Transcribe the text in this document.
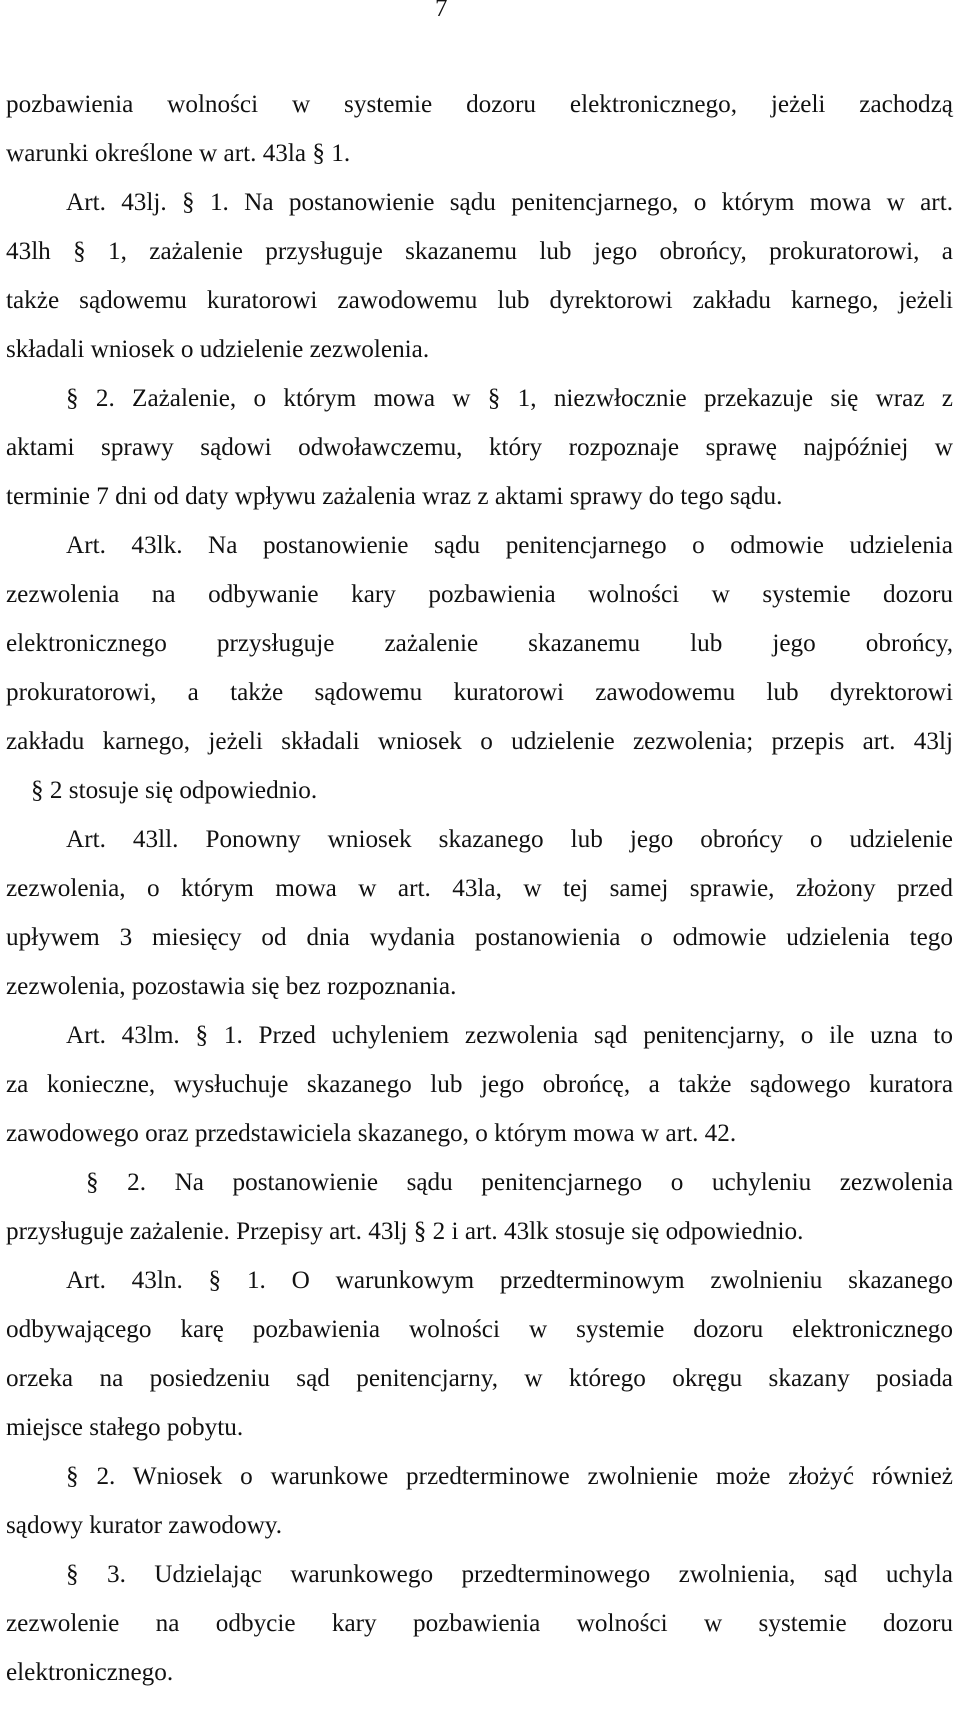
7
pozbawienia wolności w systemie dozoru elektronicznego, jeżeli zachodzą
warunki określone w art. 43la § 1.
Art. 43lj. § 1. Na postanowienie sądu penitencjarnego, o którym mowa w art.
43lh § 1, zażalenie przysługuje skazanemu lub jego obrońcy, prokuratorowi, a
także sądowemu kuratorowi zawodowemu lub dyrektorowi zakładu karnego, jeżeli
składali wniosek o udzielenie zezwolenia.
§ 2. Zażalenie, o którym mowa w § 1, niezwłocznie przekazuje się wraz z
aktami sprawy sądowi odwoławczemu, który rozpoznaje sprawę najpóźniej w
terminie 7 dni od daty wpływu zażalenia wraz z aktami sprawy do tego sądu.
Art. 43lk. Na postanowienie sądu penitencjarnego o odmowie udzielenia
zezwolenia na odbywanie kary pozbawienia wolności w systemie dozoru
elektronicznego przysługuje zażalenie skazanemu lub jego obrońcy,
prokuratorowi, a także sądowemu kuratorowi zawodowemu lub dyrektorowi
zakładu karnego, jeżeli składali wniosek o udzielenie zezwolenia; przepis art. 43lj
§ 2 stosuje się odpowiednio.
Art. 43ll. Ponowny wniosek skazanego lub jego obrońcy o udzielenie
zezwolenia, o którym mowa w art. 43la, w tej samej sprawie, złożony przed
upływem 3 miesięcy od dnia wydania postanowienia o odmowie udzielenia tego
zezwolenia, pozostawia się bez rozpoznania.
Art. 43lm. § 1. Przed uchyleniem zezwolenia sąd penitencjarny, o ile uzna to
za konieczne, wysłuchuje skazanego lub jego obrońcę, a także sądowego kuratora
zawodowego oraz przedstawiciela skazanego, o którym mowa w art. 42.
§ 2. Na postanowienie sądu penitencjarnego o uchyleniu zezwolenia
przysługuje zażalenie. Przepisy art. 43lj § 2 i art. 43lk stosuje się odpowiednio.
Art. 43ln. § 1. O warunkowym przedterminowym zwolnieniu skazanego
odbywającego karę pozbawienia wolności w systemie dozoru elektronicznego
orzeka na posiedzeniu sąd penitencjarny, w którego okręgu skazany posiada
miejsce stałego pobytu.
§ 2. Wniosek o warunkowe przedterminowe zwolnienie może złożyć również
sądowy kurator zawodowy.
§ 3. Udzielając warunkowego przedterminowego zwolnienia, sąd uchyla
zezwolenie na odbycie kary pozbawienia wolności w systemie dozoru
elektronicznego.
